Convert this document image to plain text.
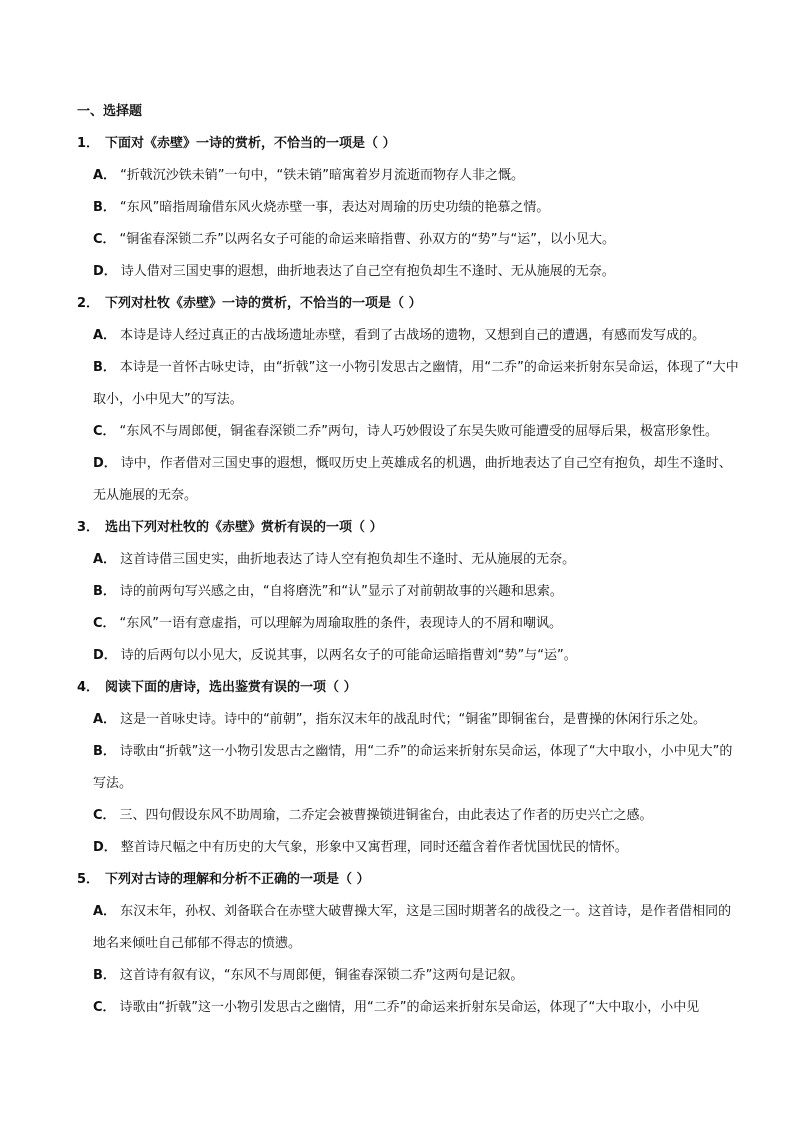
一、选择题
1． 下面对《赤壁》一诗的赏析，不恰当的一项是（ ）
A． “折戟沉沙铁未销”一句中，“铁未销”暗寓着岁月流逝而物存人非之慨。
B． “东风”暗指周瑜借东风火烧赤壁一事，表达对周瑜的历史功绩的艳慕之情。
C． “铜雀春深锁二乔”以两名女子可能的命运来暗指曹、孙双方的“势”与“运”，以小见大。
D． 诗人借对三国史事的遐想，曲折地表达了自己空有抱负却生不逢时、无从施展的无奈。
2． 下列对杜牧《赤壁》一诗的赏析，不恰当的一项是（ ）
A． 本诗是诗人经过真正的古战场遗址赤壁，看到了古战场的遗物，又想到自己的遭遇，有感而发写成的。
B． 本诗是一首怀古咏史诗，由“折戟”这一小物引发思古之幽情，用“二乔”的命运来折射东吴命运，体现了“大中取小，小中见大”的写法。
C． “东风不与周郎便，铜雀春深锁二乔”两句，诗人巧妙假设了东吴失败可能遭受的屈辱后果，极富形象性。
D． 诗中，作者借对三国史事的遐想，慨叹历史上英雄成名的机遇，曲折地表达了自己空有抱负，却生不逢时、无从施展的无奈。
3． 选出下列对杜牧的《赤壁》赏析有误的一项（ ）
A． 这首诗借三国史实，曲折地表达了诗人空有抱负却生不逢时、无从施展的无奈。
B． 诗的前两句写兴感之由，“自将磨洗”和“认”显示了对前朝故事的兴趣和思索。
C． “东风”一语有意虚指，可以理解为周瑜取胜的条件，表现诗人的不屑和嘲讽。
D． 诗的后两句以小见大，反说其事，以两名女子的可能命运暗指曹刘“势”与“运”。
4． 阅读下面的唐诗，选出鉴赏有误的一项（ ）
A． 这是一首咏史诗。诗中的“前朝”，指东汉末年的战乱时代；“铜雀”即铜雀台，是曹操的休闲行乐之处。
B． 诗歌由“折戟”这一小物引发思古之幽情，用“二乔”的命运来折射东吴命运，体现了“大中取小，小中见大”的写法。
C． 三、四句假设东风不助周瑜，二乔定会被曹操锁进铜雀台，由此表达了作者的历史兴亡之感。
D． 整首诗尺幅之中有历史的大气象，形象中又寓哲理，同时还蕴含着作者忧国忧民的情怀。
5． 下列对古诗的理解和分析不正确的一项是（ ）
A． 东汉末年，孙权、刘备联合在赤壁大破曹操大军，这是三国时期著名的战役之一。这首诗，是作者借相同的地名来倾吐自己郁郁不得志的愤懑。
B． 这首诗有叙有议，“东风不与周郎便，铜雀春深锁二乔”这两句是记叙。
C． 诗歌由“折戟”这一小物引发思古之幽情，用“二乔”的命运来折射东吴命运，体现了“大中取小，小中见
